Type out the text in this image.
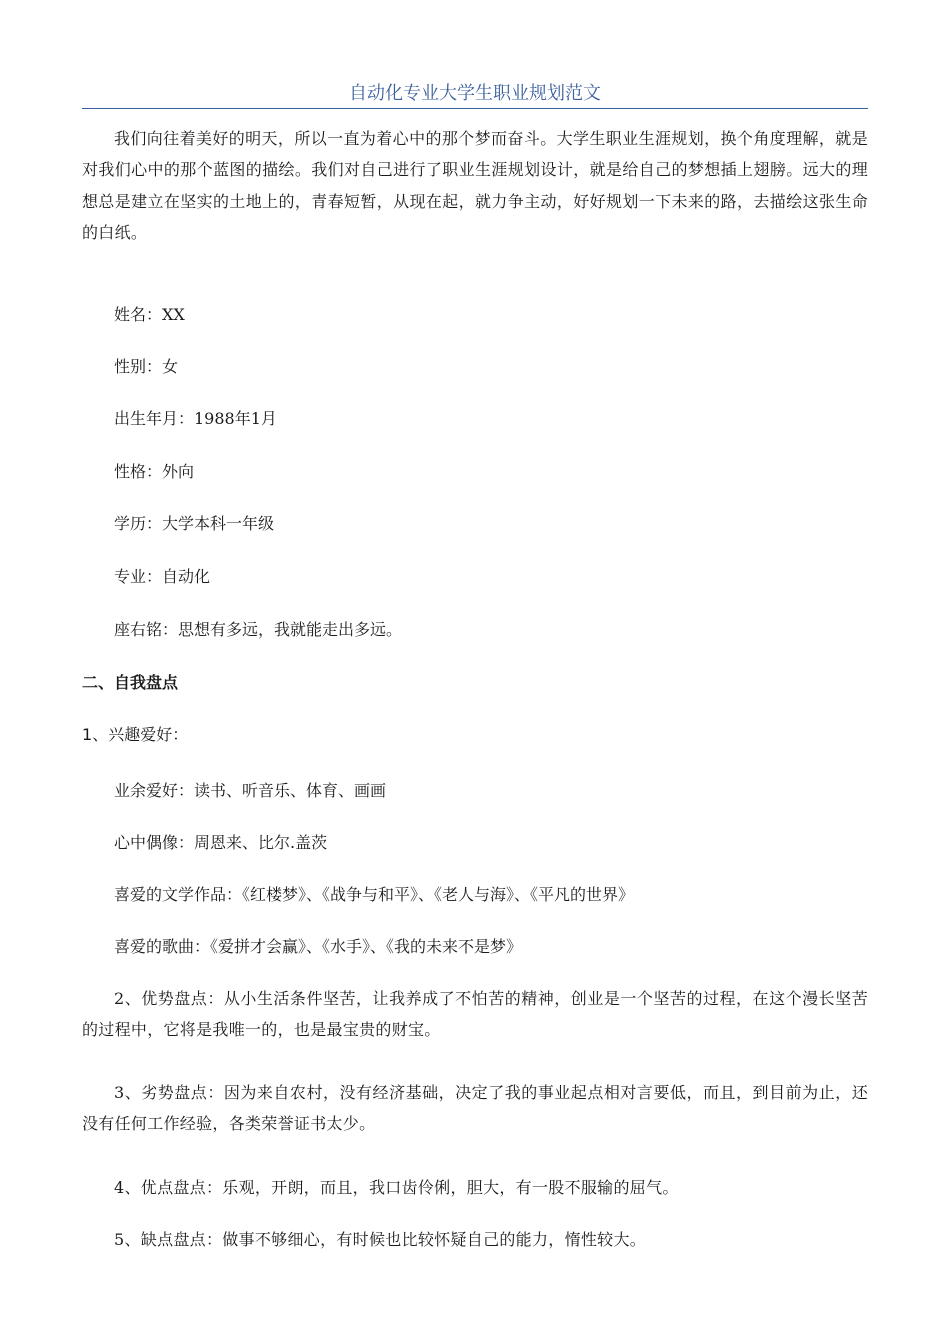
自动化专业大学生职业规划范文

我们向往着美好的明天，所以一直为着心中的那个梦而奋斗。大学生职业生涯规划，换个角度理解，就是对我们心中的那个蓝图的描绘。我们对自己进行了职业生涯规划设计，就是给自己的梦想插上翅膀。远大的理想总是建立在坚实的土地上的，青春短暂，从现在起，就力争主动，好好规划一下未来的路，去描绘这张生命的白纸。

姓名：XX
性别：女
出生年月：1988年1月
性格：外向
学历：大学本科一年级
专业：自动化
座右铭：思想有多远，我就能走出多远。
二、自我盘点
1、兴趣爱好：
业余爱好：读书、听音乐、体育、画画
心中偶像：周恩来、比尔.盖茨
喜爱的文学作品：《红楼梦》、《战争与和平》、《老人与海》、《平凡的世界》
喜爱的歌曲：《爱拼才会赢》、《水手》、《我的未来不是梦》

2、优势盘点：从小生活条件坚苦，让我养成了不怕苦的精神，创业是一个坚苦的过程，在这个漫长坚苦的过程中，它将是我唯一的，也是最宝贵的财宝。

3、劣势盘点：因为来自农村，没有经济基础，决定了我的事业起点相对言要低，而且，到目前为止，还没有任何工作经验，各类荣誉证书太少。

4、优点盘点：乐观，开朗，而且，我口齿伶俐，胆大，有一股不服输的屈气。

5、缺点盘点：做事不够细心，有时候也比较怀疑自己的能力，惰性较大。
